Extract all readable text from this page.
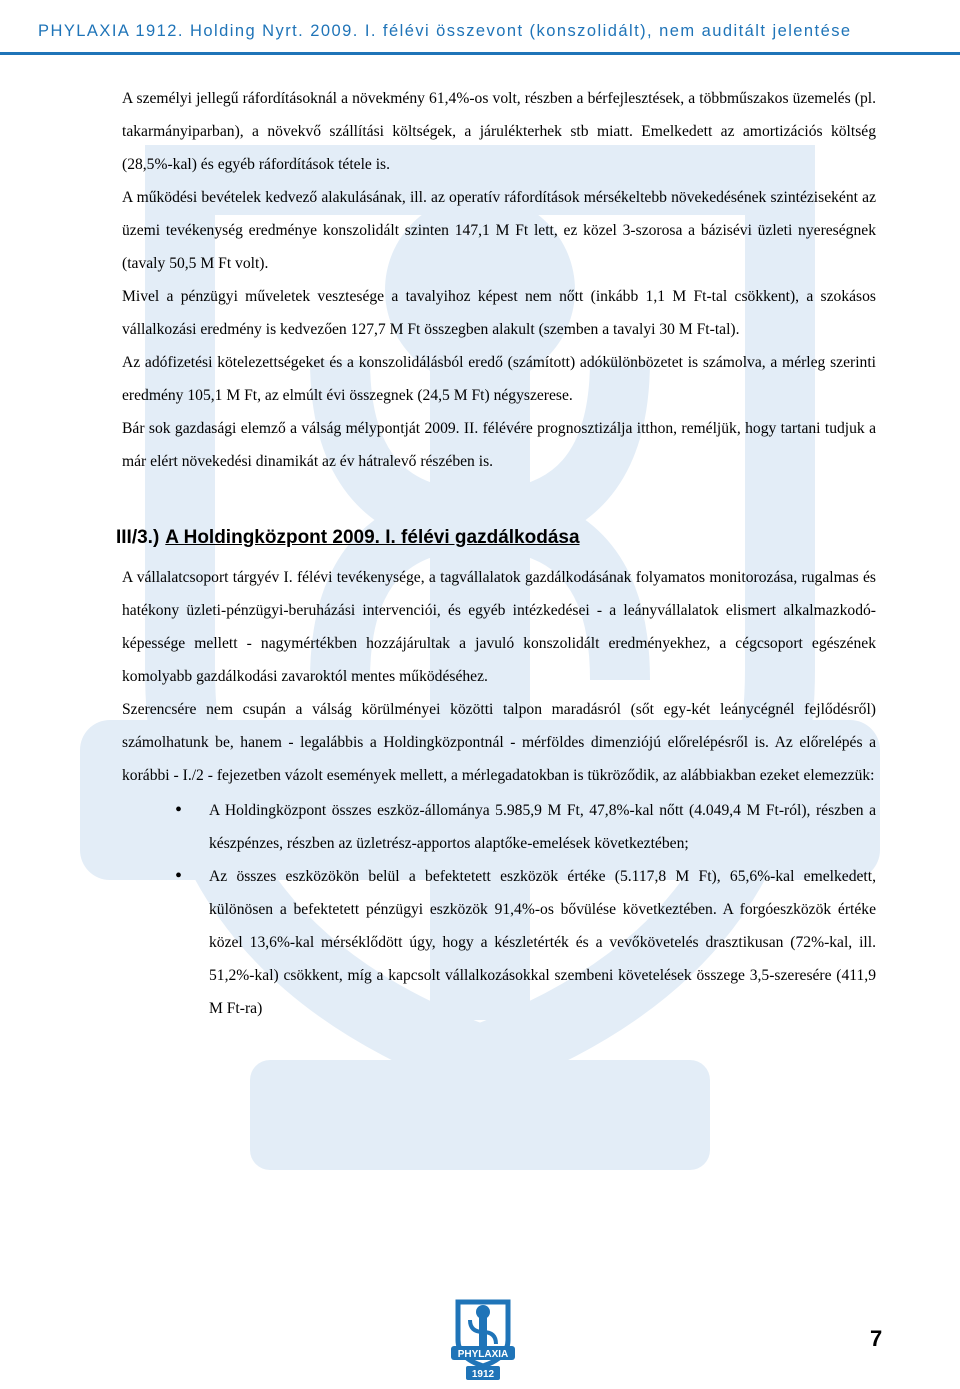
PHYLAXIA 1912. Holding Nyrt. 2009. I. félévi összevont (konszolidált), nem auditált jelentése

A személyi jellegű ráfordításoknál a növekmény 61,4%-os volt, részben a bérfejlesztések, a többműszakos üzemelés (pl. takarmányiparban), a növekvő szállítási költségek, a járulékterhek stb miatt. Emelkedett az amortizációs költség (28,5%-kal) és egyéb ráfordítások tétele is.

A működési bevételek kedvező alakulásának, ill. az operatív ráfordítások mérsékeltebb növekedésének szintéziseként az üzemi tevékenység eredménye konszolidált szinten 147,1 M Ft lett, ez közel 3-szorosa a bázisévi üzleti nyereségnek (tavaly 50,5 M Ft volt).

Mivel a pénzügyi műveletek vesztesége a tavalyihoz képest nem nőtt (inkább 1,1 M Ft-tal csökkent), a szokásos vállalkozási eredmény is kedvezően 127,7 M Ft összegben alakult (szemben a tavalyi 30 M Ft-tal).

Az adófizetési kötelezettségeket és a konszolidálásból eredő (számított) adókülönbözetet is számolva, a mérleg szerinti eredmény 105,1 M Ft, az elmúlt évi összegnek (24,5 M Ft) négyszerese.

Bár sok gazdasági elemző a válság mélypontját 2009. II. félévére prognosztizálja itthon, reméljük, hogy tartani tudjuk a már elért növekedési dinamikát az év hátralevő részében is.

III/3.) A Holdingközpont 2009. I. félévi gazdálkodása

A vállalatcsoport tárgyév I. félévi tevékenysége, a tagvállalatok gazdálkodásának folyamatos monitorozása, rugalmas és hatékony üzleti-pénzügyi-beruházási intervenciói, és egyéb intézkedései - a leányvállalatok elismert alkalmazkodó-képessége mellett - nagymértékben hozzájárultak a javuló konszolidált eredményekhez, a cégcsoport egészének komolyabb gazdálkodási zavaroktól mentes működéséhez.

Szerencsére nem csupán a válság körülményei közötti talpon maradásról (sőt egy-két leánycégnél fejlődésről) számolhatunk be, hanem - legalábbis a Holdingközpontnál - mérföldes dimenziójú előrelépésről is. Az előrelépés a korábbi - I./2 - fejezetben vázolt események mellett, a mérlegadatokban is tükröződik, az alábbiakban ezeket elemezzük:

• A Holdingközpont összes eszköz-állománya 5.985,9 M Ft, 47,8%-kal nőtt (4.049,4 M Ft-ról), részben a készpénzes, részben az üzletrész-apportos alaptőke-emelések következtében;
• Az összes eszközökön belül a befektetett eszközök értéke (5.117,8 M Ft), 65,6%-kal emelkedett, különösen a befektetett pénzügyi eszközök 91,4%-os bővülése következtében. A forgóeszközök értéke közel 13,6%-kal mérséklődött úgy, hogy a készletérték és a vevőkövetelés drasztikusan (72%-kal, ill. 51,2%-kal) csökkent, míg a kapcsolt vállalkozásokkal szembeni követelések összege 3,5-szeresére (411,9 M Ft-ra)
PHYLAXIA
1912
7
